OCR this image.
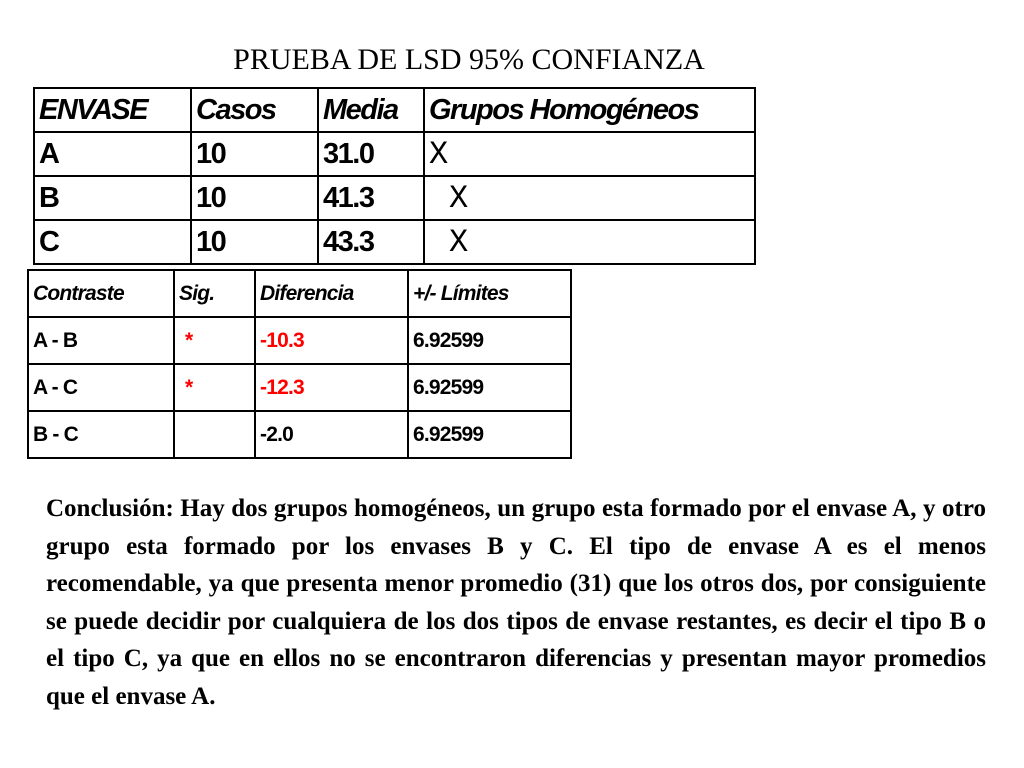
PRUEBA DE LSD 95% CONFIANZA
ENVASE	Casos	Media	Grupos Homogéneos
A	10	31.0	X
B	10	41.3	X
C	10	43.3	X
Contraste	Sig.	Diferencia	+/- Límites
A - B	*	-10.3	6.92599
A - C	*	-12.3	6.92599
B - C		-2.0	6.92599

Conclusión: Hay dos grupos homogéneos, un grupo esta formado por el envase A, y otro grupo esta formado por los envases B y C. El tipo de envase A es el menos recomendable, ya que presenta menor promedio (31) que los otros dos, por consiguiente se puede decidir por cualquiera de los dos tipos de envase restantes, es decir el tipo B o el tipo C, ya que en ellos no se encontraron diferencias y presentan mayor promedios que el envase A.
